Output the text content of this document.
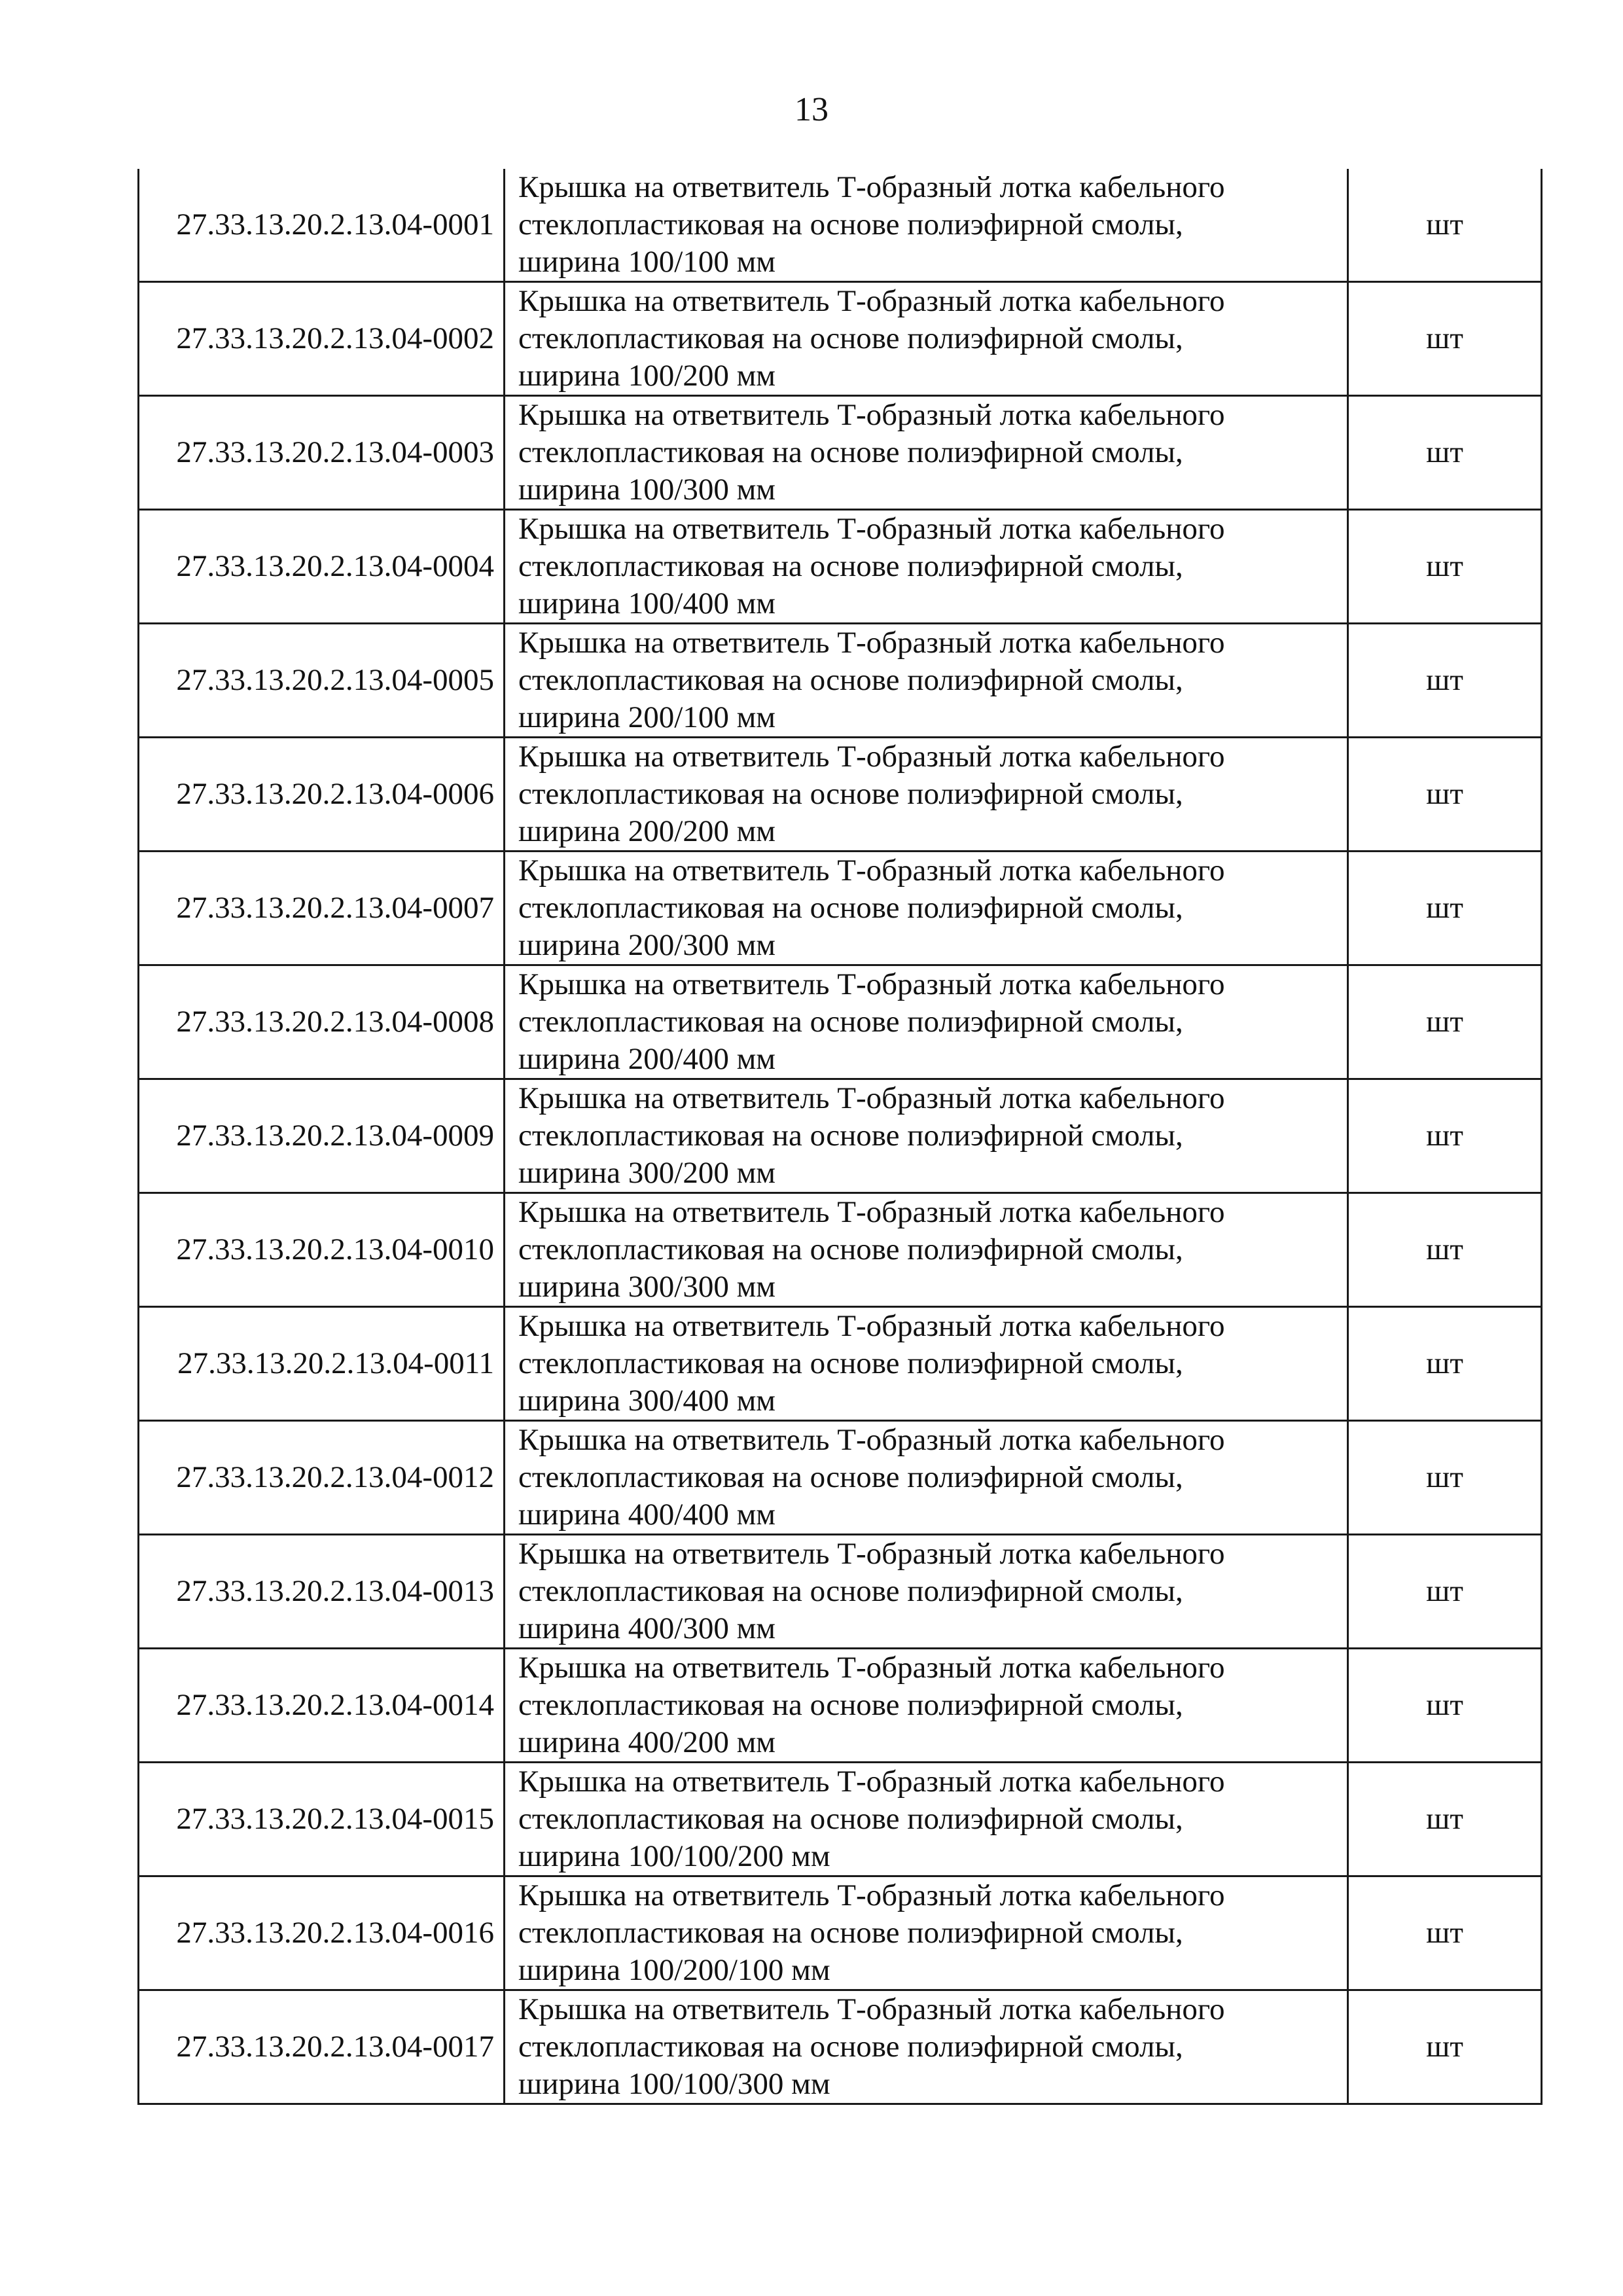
13
27.33.13.20.2.13.04-0001	Крышка на ответвитель Т-образный лотка кабельного
стеклопластиковая на основе полиэфирной смолы,
ширина 100/100 мм	шт
27.33.13.20.2.13.04-0002	Крышка на ответвитель Т-образный лотка кабельного
стеклопластиковая на основе полиэфирной смолы,
ширина 100/200 мм	шт
27.33.13.20.2.13.04-0003	Крышка на ответвитель Т-образный лотка кабельного
стеклопластиковая на основе полиэфирной смолы,
ширина 100/300 мм	шт
27.33.13.20.2.13.04-0004	Крышка на ответвитель Т-образный лотка кабельного
стеклопластиковая на основе полиэфирной смолы,
ширина 100/400 мм	шт
27.33.13.20.2.13.04-0005	Крышка на ответвитель Т-образный лотка кабельного
стеклопластиковая на основе полиэфирной смолы,
ширина 200/100 мм	шт
27.33.13.20.2.13.04-0006	Крышка на ответвитель Т-образный лотка кабельного
стеклопластиковая на основе полиэфирной смолы,
ширина 200/200 мм	шт
27.33.13.20.2.13.04-0007	Крышка на ответвитель Т-образный лотка кабельного
стеклопластиковая на основе полиэфирной смолы,
ширина 200/300 мм	шт
27.33.13.20.2.13.04-0008	Крышка на ответвитель Т-образный лотка кабельного
стеклопластиковая на основе полиэфирной смолы,
ширина 200/400 мм	шт
27.33.13.20.2.13.04-0009	Крышка на ответвитель Т-образный лотка кабельного
стеклопластиковая на основе полиэфирной смолы,
ширина 300/200 мм	шт
27.33.13.20.2.13.04-0010	Крышка на ответвитель Т-образный лотка кабельного
стеклопластиковая на основе полиэфирной смолы,
ширина 300/300 мм	шт
27.33.13.20.2.13.04-0011	Крышка на ответвитель Т-образный лотка кабельного
стеклопластиковая на основе полиэфирной смолы,
ширина 300/400 мм	шт
27.33.13.20.2.13.04-0012	Крышка на ответвитель Т-образный лотка кабельного
стеклопластиковая на основе полиэфирной смолы,
ширина 400/400 мм	шт
27.33.13.20.2.13.04-0013	Крышка на ответвитель Т-образный лотка кабельного
стеклопластиковая на основе полиэфирной смолы,
ширина 400/300 мм	шт
27.33.13.20.2.13.04-0014	Крышка на ответвитель Т-образный лотка кабельного
стеклопластиковая на основе полиэфирной смолы,
ширина 400/200 мм	шт
27.33.13.20.2.13.04-0015	Крышка на ответвитель Т-образный лотка кабельного
стеклопластиковая на основе полиэфирной смолы,
ширина 100/100/200 мм	шт
27.33.13.20.2.13.04-0016	Крышка на ответвитель Т-образный лотка кабельного
стеклопластиковая на основе полиэфирной смолы,
ширина 100/200/100 мм	шт
27.33.13.20.2.13.04-0017	Крышка на ответвитель Т-образный лотка кабельного
стеклопластиковая на основе полиэфирной смолы,
ширина 100/100/300 мм	шт
